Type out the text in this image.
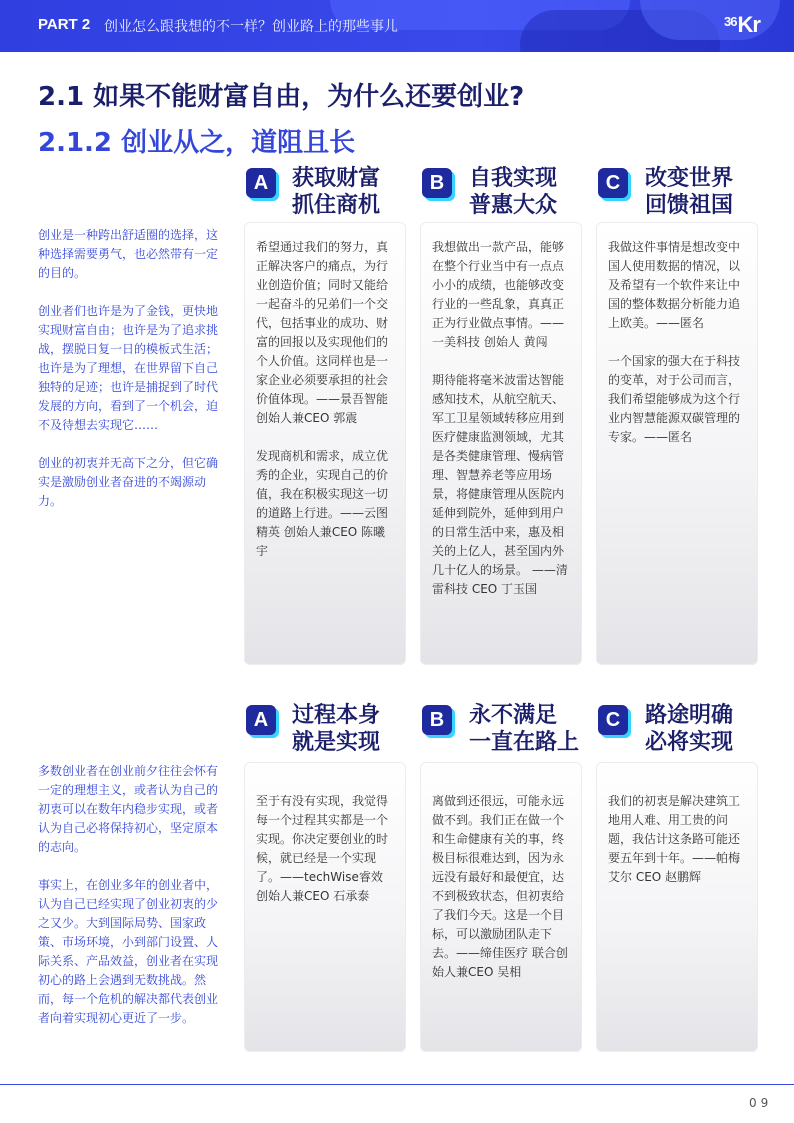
PART 2 创业怎么跟我想的不一样？创业路上的那些事儿	$^{36}$Kr
2.1 如果不能财富自由，为什么还要创业?
2.1.2 创业从之，道阻且长

创业是一种跨出舒适圈的选择，这种选择需要勇气，也必然带有一定的目的。

创业者们也许是为了金钱，更快地实现财富自由；也许是为了追求挑战，摆脱日复一日的模板式生活；也许是为了理想，在世界留下自己独特的足迹；也许是捕捉到了时代发展的方向，看到了一个机会，迫不及待想去实现它……

创业的初衷并无高下之分，但它确实是激励创业者奋进的不竭源动力。

A	获取财富
抓住商机

希望通过我们的努力，真正解决客户的痛点，为行业创造价值；同时又能给一起奋斗的兄弟们一个交代，包括事业的成功、财富的回报以及实现他们的个人价值。这同样也是一家企业必须要承担的社会价值体现。——景吾智能 创始人兼CEO 郭震

发现商机和需求，成立优秀的企业，实现自己的价值，我在积极实现这一切的道路上行进。——云图精英 创始人兼CEO 陈曦宇

B	自我实现
普惠大众

我想做出一款产品，能够在整个行业当中有一点点小小的成绩，也能够改变行业的一些乱象，真真正正为行业做点事情。—— 一美科技 创始人 黄闯

期待能将毫米波雷达智能感知技术，从航空航天、军工卫星领域转移应用到医疗健康监测领域，尤其是各类健康管理、慢病管理、智慧养老等应用场景，将健康管理从医院内延伸到院外，延伸到用户的日常生活中来，惠及相关的上亿人，甚至国内外几十亿人的场景。 ——清雷科技 CEO 丁玉国

C	改变世界
回馈祖国

我做这件事情是想改变中国人使用数据的情况，以及希望有一个软件来让中国的整体数据分析能力追上欧美。——匿名

一个国家的强大在于科技的变革，对于公司而言，我们希望能够成为这个行业内智慧能源双碳管理的专家。——匿名

多数创业者在创业前夕往往会怀有一定的理想主义，或者认为自己的初衷可以在数年内稳步实现，或者认为自己必将保持初心，坚定原本的志向。

事实上，在创业多年的创业者中，认为自己已经实现了创业初衷的少之又少。大到国际局势、国家政策、市场环境，小到部门设置、人际关系、产品效益，创业者在实现初心的路上会遇到无数挑战。然而，每一个危机的解决都代表创业者向着实现初心更近了一步。

A	过程本身
就是实现

至于有没有实现，我觉得每一个过程其实都是一个实现。你决定要创业的时候，就已经是一个实现了。——techWise睿效 创始人兼CEO 石承泰

B	永不满足
一直在路上

离做到还很远，可能永远做不到。我们正在做一个和生命健康有关的事，终极目标很难达到，因为永远没有最好和最便宜，达不到极致状态，但初衷给了我们今天。这是一个目标，可以激励团队走下去。——缔佳医疗 联合创始人兼CEO 吴相

C	路途明确
必将实现

我们的初衷是解决建筑工地用人难、用工贵的问题，我估计这条路可能还要五年到十年。——帕梅艾尔 CEO 赵鹏辉

09
